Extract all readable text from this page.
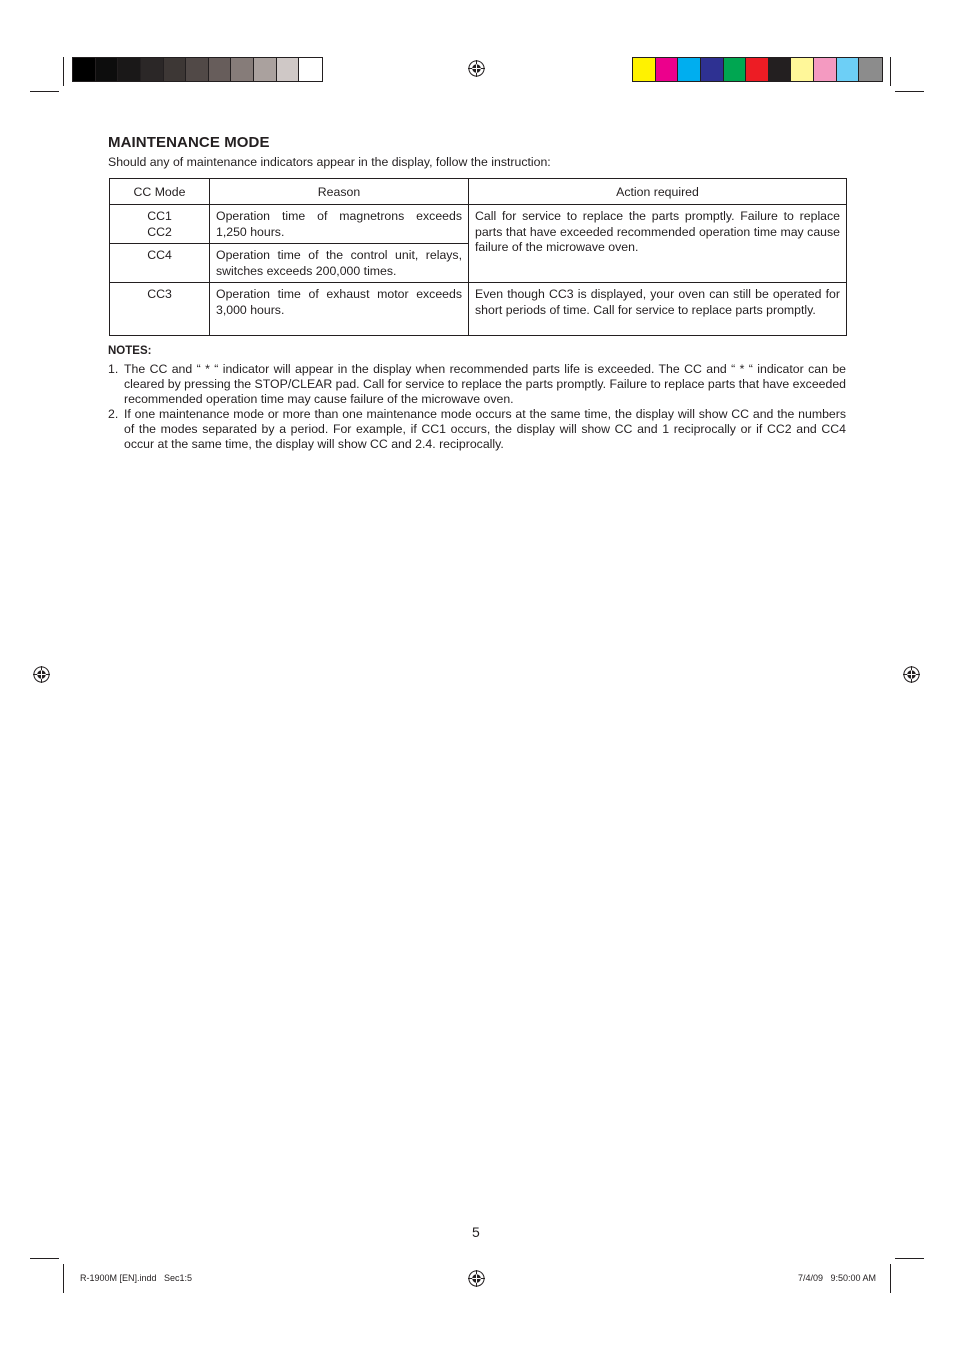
MAINTENANCE MODE
Should any of maintenance indicators appear in the display, follow the instruction:
CC Mode	Reason	Action required

CC1
CC2	Operation time of magnetrons exceeds 1,250 hours.	Call for service to replace the parts promptly. Failure to replace parts that have exceeded recommended operation time may cause failure of the microwave oven.
CC4	Operation time of the control unit, relays, switches exceeds 200,000 times.	
CC3	Operation time of exhaust motor exceeds 3,000 hours.	Even though CC3 is displayed, your oven can still be operated for short periods of time. Call for service to replace parts promptly.
NOTES:
1. The CC and “ * “ indicator will appear in the display when recommended parts life is exceeded. The CC and “ * “ indicator can be cleared by pressing the STOP/CLEAR pad. Call for service to replace the parts promptly. Failure to replace parts that have exceeded recommended operation time may cause failure of the microwave oven.
2. If one maintenance mode or more than one maintenance mode occurs at the same time, the display will show CC and the numbers of the modes separated by a period. For example, if CC1 occurs, the display will show CC and 1 reciprocally or if CC2 and CC4 occur at the same time, the display will show CC and 2.4. reciprocally.
5
R-1900M [EN].indd   Sec1:5	7/4/09   9:50:00 AM
